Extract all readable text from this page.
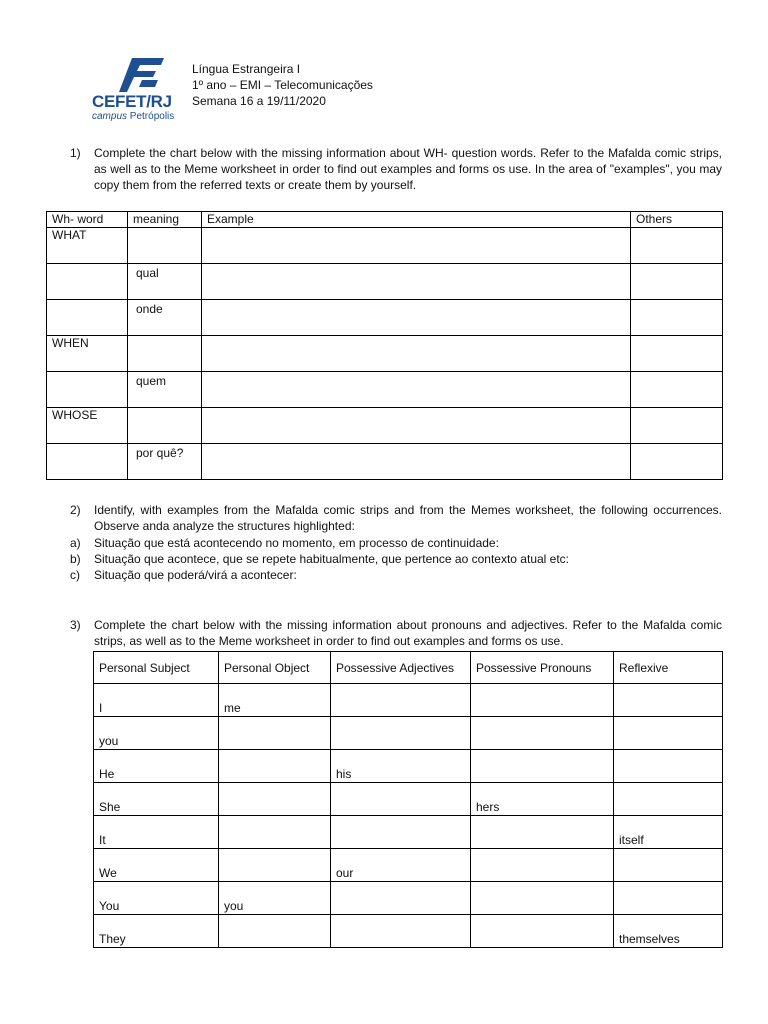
CEFET/RJ
campus Petrópolis
Língua Estrangeira I
1º ano – EMI – Telecomunicações
Semana 16 a 19/11/2020
1) Complete the chart below with the missing information about WH- question words. Refer to the Mafalda comic strips, as well as to the Meme worksheet in order to find out examples and forms os use. In the area of "examples", you may copy them from the referred texts or create them by yourself.
Wh- word	meaning	Example	Others
WHAT			
	qual		
	onde		
WHEN			
	quem		
WHOSE			
	por quê?		
2) Identify, with examples from the Mafalda comic strips and from the Memes worksheet, the following occurrences. Observe anda analyze the structures highlighted:
a) Situação que está acontecendo no momento, em processo de continuidade:
b) Situação que acontece, que se repete habitualmente, que pertence ao contexto atual etc:
c) Situação que poderá/virá a acontecer:
3) Complete the chart below with the missing information about pronouns and adjectives. Refer to the Mafalda comic strips, as well as to the Meme worksheet in order to find out examples and forms os use.
Personal Subject	Personal Object	Possessive Adjectives	Possessive Pronouns	Reflexive
I	me			
you				
He		his		
She			hers	
It				itself
We		our		
You	you			
They				themselves
